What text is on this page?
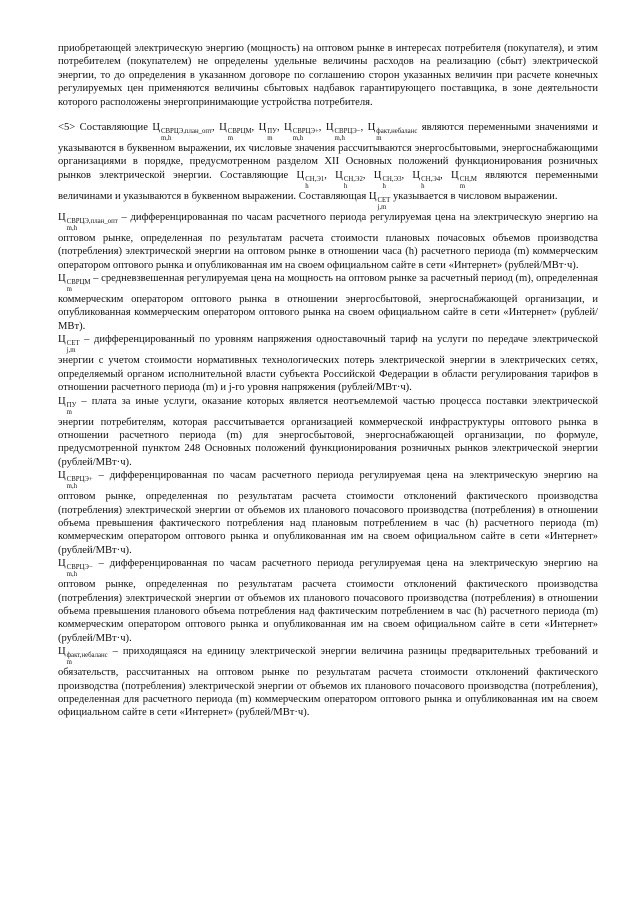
приобретающей электрическую энергию (мощность) на оптовом рынке в интересах потребителя (покупателя), и этим потребителем (покупателем) не определены удельные величины расходов на реализацию (сбыт) электрической энергии, то до определения в указанном договоре по соглашению сторон указанных величин при расчете конечных регулируемых цен применяются величины сбытовых надбавок гарантирующего поставщика, в зоне деятельности которого расположены энергопринимающие устройства потребителя.

<5> Составляющие Ц СВРЦЭ,план_опт
m,h
, Ц СВРЦМ
m
, Ц ПУ
m
, Ц СВРЦЭ+
m,h
, Ц СВРЦЭ−
m,h
, Ц факт,небаланс
m
являются переменными значениями и указываются в буквенном выражении, их числовые значения рассчитываются энергосбытовыми, энергоснабжающими организациями в порядке, предусмотренном разделом XII Основных положений функционирования розничных рынков электрической энергии. Составляющие Ц СН,Э1
h
, Ц СН,Э2
h
, Ц СН,Э3
h
, Ц СН,Э4
h
, Ц СН,М
m
являются переменными величинами и указываются в буквенном выражении. Составляющая Ц СЕТ
j,m
указывается в числовом выражении.

Ц СВРЦЭ,план_опт
m,h
– дифференцированная по часам расчетного периода регулируемая цена на электрическую энергию на оптовом рынке, определенная по результатам расчета стоимости плановых почасовых объемов производства (потребления) электрической энергии на оптовом рынке в отношении часа (h) расчетного периода (m) коммерческим оператором оптового рынка и опубликованная им на своем официальном сайте в сети «Интернет» (рублей/МВт·ч).

Ц СВРЦМ
m
– средневзвешенная регулируемая цена на мощность на оптовом рынке за расчетный период (m), определенная коммерческим оператором оптового рынка в отношении энергосбытовой, энергоснабжающей организации, и опубликованная коммерческим оператором оптового рынка на своем официальном сайте в сети «Интернет» (рублей/МВт).

Ц СЕТ
j,m
– дифференцированный по уровням напряжения одноставочный тариф на услуги по передаче электрической энергии с учетом стоимости нормативных технологических потерь электрической энергии в электрических сетях, определяемый органом исполнительной власти субъекта Российской Федерации в области регулирования тарифов в отношении расчетного периода (m) и j-го уровня напряжения (рублей/МВт·ч).

Ц ПУ
m
– плата за иные услуги, оказание которых является неотъемлемой частью процесса поставки электрической энергии потребителям, которая рассчитывается организацией коммерческой инфраструктуры оптового рынка в отношении расчетного периода (m) для энергосбытовой, энергоснабжающей организации, по формуле, предусмотренной пунктом 248 Основных положений функционирования розничных рынков электрической энергии (рублей/МВт·ч).

Ц СВРЦЭ+
m,h
– дифференцированная по часам расчетного периода регулируемая цена на электрическую энергию на оптовом рынке, определенная по результатам расчета стоимости отклонений фактического производства (потребления) электрической энергии от объемов их планового почасового производства (потребления) в отношении объема превышения фактического потребления над плановым потреблением в час (h) расчетного периода (m) коммерческим оператором оптового рынка и опубликованная им на своем официальном сайте в сети «Интернет» (рублей/МВт·ч).

Ц СВРЦЭ−
m,h
– дифференцированная по часам расчетного периода регулируемая цена на электрическую энергию на оптовом рынке, определенная по результатам расчета стоимости отклонений фактического производства (потребления) электрической энергии от объемов их планового почасового производства (потребления) в отношении объема превышения планового объема потребления над фактическим потреблением в час (h) расчетного периода (m) коммерческим оператором оптового рынка и опубликованная им на своем официальном сайте в сети «Интернет» (рублей/МВт·ч).

Ц факт,небаланс
m
– приходящаяся на единицу электрической энергии величина разницы предварительных требований и обязательств, рассчитанных на оптовом рынке по результатам расчета стоимости отклонений фактического производства (потребления) электрической энергии от объемов их планового почасового производства (потребления), определенная для расчетного периода (m) коммерческим оператором оптового рынка и опубликованная им на своем официальном сайте в сети «Интернет» (рублей/МВт·ч).
